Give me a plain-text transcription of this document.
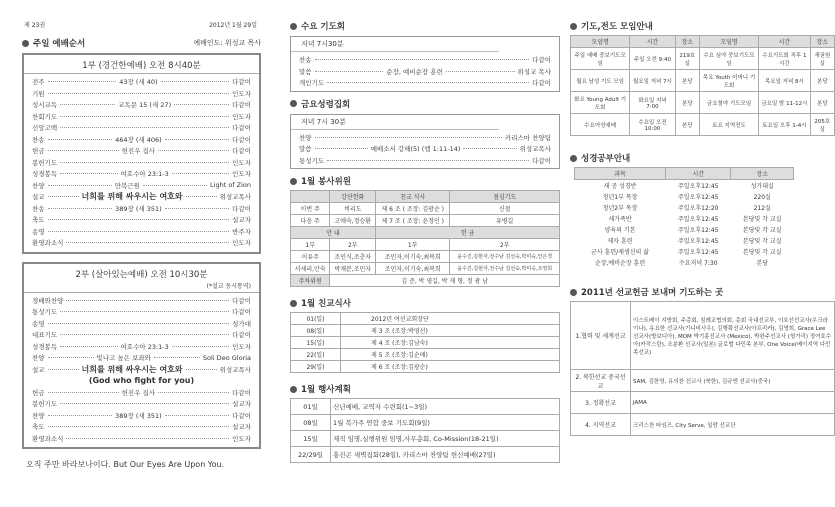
제 23권	2012년 1월 29일
주일 예배순서	예배인도: 위성교 목사
1부 (경건한예배) 오전 8시40분
전주	43장 (새 40)	다같이
기원	인도자
성시교독	교독문 15 (새 27)	다같이
찬회기도	인도자
신앙고백	다같이
찬송	464장 (새 406)	다같이
헌금	헌진우 집사	다같이
봉헌기도	인도자
성경봉독	여호수아 23:1-3	인도자
찬양	만복근원	Light of Zion
설교	너희를 위해 싸우시는 여호와	위성교목사
찬송	389장 (새 351)	다같이
축도	설교자
송영	반주자
환영과소식	인도자
2부 (살아있는예배) 오전 10시30분
(*설교 동시통역)
경배와찬양	다같이
통성기도	다같이
송영	성가대
대표기도	다같이
성경봉독	여호수아 23:1-3	인도자
찬양	빛나고 높은 보좌와	Soli Deo Gloria
설교	너희를 위해 싸우시는 여호와	위성교목사
(God who fight for you)
헌금	헌진우 집사	다같이
봉헌기도	설교자
찬양	389장 (새 351)	다같이
축도	설교자
환영과소식	인도자
오직 주만 바라보나이다. But Our Eyes Are Upon You.
수요 기도회
저녁 7시30분
찬송	다같이
말씀	순장, 예비순장 훈련	위성교 목사
개인기도	다같이
금요성령집회
저녁 7시 30분
찬양	카리스마 찬양팀
말씀	예배소서 강해(5) (엡 1:11-14)	위성교목사
통성기도	다같이
1월 봉사위원
	강단헌화	친교 식사	점심기도
이번 주	버리도	제 6 조 ( 조장: 김광순 )	신철
다음 주	고애숙,정승환	제 7 조 ( 조장: 윤정인 )	유병길
안 내		헌 금	
1부	2부	1부	2부
이유주	조인식,조춘자	조민자,이기숙,최복희	윤수진,김현자,전수남 김선숙,박미숙,안은경
서세리,안숙	박재분,조민자	조민자,이기숙,최복희	윤수진,김현자,전수남 김선숙,박미숙,조영희
주차위원	김 준, 박 영길, 박 재 형, 정 광 남		
1월 친교식사
01(일)	2012년 여선교회장단
08(일)	제 3 조 (조장:박영선)
15(일)	제 4 조 (조장:김남숙)
22(일)	제 5 조 (조장:김순애)
29(일)	제 6 조 (조장:김광순)
1월 행사계획
01일	신년예배, 교역자 수련회(1~3일)
08일	1월 복가주 연합 중보 기도회(9일)
15일	제직 임명,실행위원 임명,사무총회, Co-Mission(18-21일)
22/29일	홍진곤 새벽집회(28일), 카리스마 찬양팀 헌신예배(27일)
기도,전도 모임안내
모임명	시간	장소	모임명	시간	장소
주일 예배 중보기도모임	주일 오전 9:40	219호실	수요 심야 중보기도모임	수요기도회 직후 1시간	새권원실
월요 남성 기도 모임	월요일 저녁 7시	본당	목요 Youth 어머니 기도회	목요일 저녁 8시	본당
화요 Young Adult 기도회	화요일 저녁7:00	본당	금요철야 기도모임	금요일 밤 11-12시	본당
수요여성예배	수요일 오전 10:00	본당	토요 지역전도	토요일 오후 1-4시	205호실
성경공부안내
과목	시간	장소
새 공 성경반	주일오후12:45	성가대실
청년1부 목장	주일오후12:45	220실
청년2부 목장	주일오후12:20	212실
새가족반	주일오후12:45	본당및 각 교실
양육의 기본	주일오후12:45	본당및 각 교실
제자 훈련	주일오후12:45	본당및 각 교실
군사 훈련/재생신의 삶	주일오후12:45	본당및 각 교실
순장,예비순장 훈련	수요저녁 7:30	본당
2011년 선교헌금 보내며 기도하는 곳
1.협력 및 세계선교	이스트베이 지방회, 주총회, 침례교협의회, 총회 국내선교부, 이호선선교사(우크라이나), 유요한 선교사(기니비사우), 김행확선교사(아프리카), 김영희, Grace Lee 선교사(방보디아), MOM 박기홍선교사 (Mexico), 박완주선교사 (헝가리) 정여호수아(카작스탄), 조분환 선교사(일본) 글로벌 다민족 본부, One Voice(베이지역 다민족선교)
2. 북한선교 중국선교	SAM, 김한영, 유의찬 선교사 (북한), 김규엔 선교사(중국)
3. 정확선교	JAMA
4. 지역선교	크리스찬 타임즈, City Serve, 일랑 선교단
